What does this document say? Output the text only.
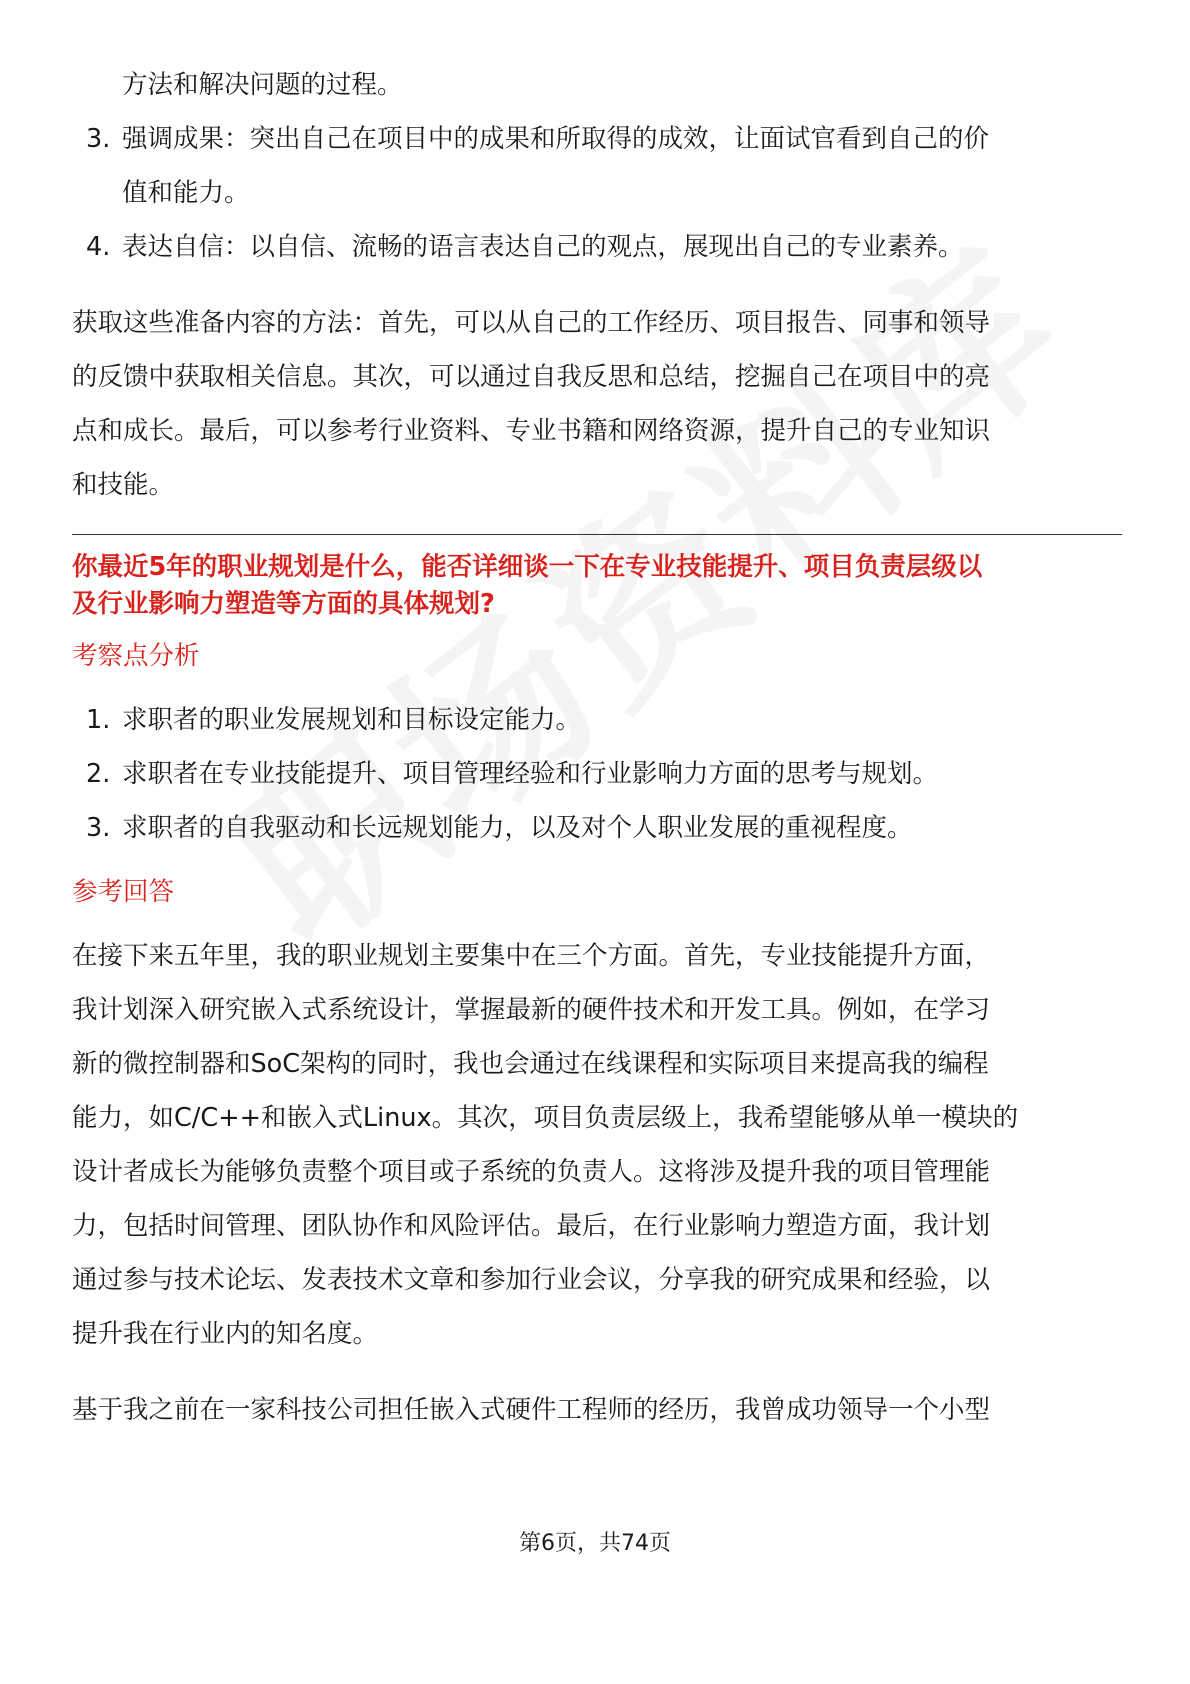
方法和解决问题的过程。
3. 强调成果：突出自己在项目中的成果和所取得的成效，让面试官看到自己的价
值和能力。
4. 表达自信：以自信、流畅的语言表达自己的观点，展现出自己的专业素养。
获取这些准备内容的方法：首先，可以从自己的工作经历、项目报告、同事和领导
的反馈中获取相关信息。其次，可以通过自我反思和总结，挖掘自己在项目中的亮
点和成长。最后，可以参考行业资料、专业书籍和网络资源，提升自己的专业知识
和技能。
你最近5年的职业规划是什么，能否详细谈一下在专业技能提升、项目负责层级以
及行业影响力塑造等方面的具体规划?
考察点分析
1. 求职者的职业发展规划和目标设定能力。
2. 求职者在专业技能提升、项目管理经验和行业影响力方面的思考与规划。
3. 求职者的自我驱动和长远规划能力，以及对个人职业发展的重视程度。
参考回答
在接下来五年里，我的职业规划主要集中在三个方面。首先，专业技能提升方面，
我计划深入研究嵌入式系统设计，掌握最新的硬件技术和开发工具。例如，在学习
新的微控制器和SoC架构的同时，我也会通过在线课程和实际项目来提高我的编程
能力，如C/C++和嵌入式Linux。其次，项目负责层级上，我希望能够从单一模块的
设计者成长为能够负责整个项目或子系统的负责人。这将涉及提升我的项目管理能
力，包括时间管理、团队协作和风险评估。最后，在行业影响力塑造方面，我计划
通过参与技术论坛、发表技术文章和参加行业会议，分享我的研究成果和经验，以
提升我在行业内的知名度。
基于我之前在一家科技公司担任嵌入式硬件工程师的经历，我曾成功领导一个小型
第6页，共74页
